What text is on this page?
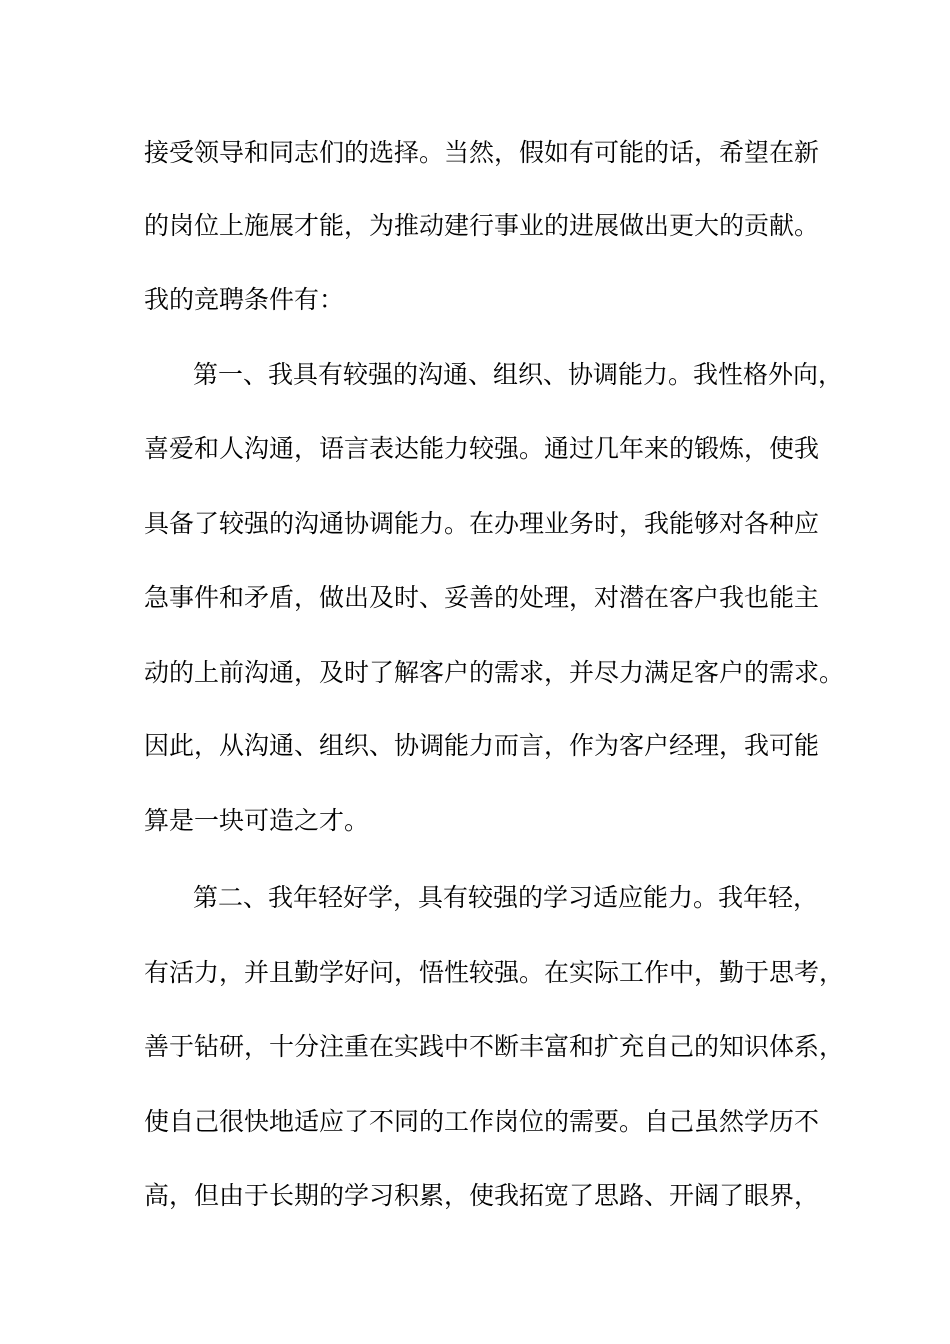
接受领导和同志们的选择。当然，假如有可能的话，希望在新
的岗位上施展才能，为推动建行事业的进展做出更大的贡献。
我的竞聘条件有：
第一、我具有较强的沟通、组织、协调能力。我性格外向，
喜爱和人沟通，语言表达能力较强。通过几年来的锻炼，使我
具备了较强的沟通协调能力。在办理业务时，我能够对各种应
急事件和矛盾，做出及时、妥善的处理，对潜在客户我也能主
动的上前沟通，及时了解客户的需求，并尽力满足客户的需求。
因此，从沟通、组织、协调能力而言，作为客户经理，我可能
算是一块可造之才。
第二、我年轻好学，具有较强的学习适应能力。我年轻，
有活力，并且勤学好问，悟性较强。在实际工作中，勤于思考，
善于钻研，十分注重在实践中不断丰富和扩充自己的知识体系，
使自己很快地适应了不同的工作岗位的需要。自己虽然学历不
高，但由于长期的学习积累，使我拓宽了思路、开阔了眼界，
